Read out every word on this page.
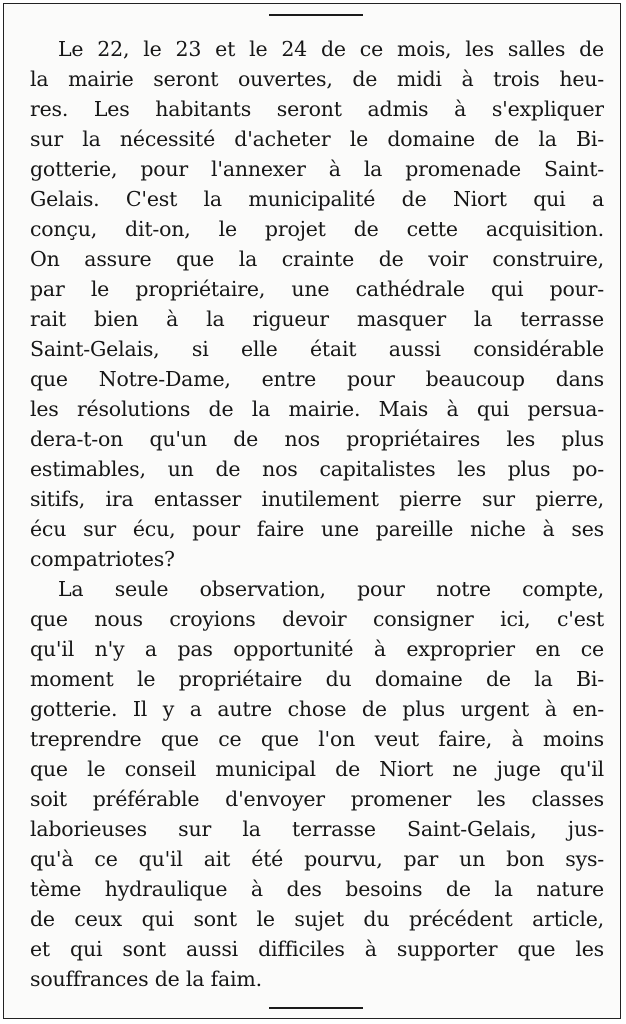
Le 22, le 23 et le 24 de ce mois, les salles de
la mairie seront ouvertes, de midi à trois heu-
res. Les habitants seront admis à s'expliquer
sur la nécessité d'acheter le domaine de la Bi-
gotterie, pour l'annexer à la promenade Saint-
Gelais. C'est la municipalité de Niort qui a
conçu, dit-on, le projet de cette acquisition.
On assure que la crainte de voir construire,
par le propriétaire, une cathédrale qui pour-
rait bien à la rigueur masquer la terrasse
Saint-Gelais, si elle était aussi considérable
que Notre-Dame, entre pour beaucoup dans
les résolutions de la mairie. Mais à qui persua-
dera-t-on qu'un de nos propriétaires les plus
estimables, un de nos capitalistes les plus po-
sitifs, ira entasser inutilement pierre sur pierre,
écu sur écu, pour faire une pareille niche à ses
compatriotes?
La seule observation, pour notre compte,
que nous croyions devoir consigner ici, c'est
qu'il n'y a pas opportunité à exproprier en ce
moment le propriétaire du domaine de la Bi-
gotterie. Il y a autre chose de plus urgent à en-
treprendre que ce que l'on veut faire, à moins
que le conseil municipal de Niort ne juge qu'il
soit préférable d'envoyer promener les classes
laborieuses sur la terrasse Saint-Gelais, jus-
qu'à ce qu'il ait été pourvu, par un bon sys-
tème hydraulique à des besoins de la nature
de ceux qui sont le sujet du précédent article,
et qui sont aussi difficiles à supporter que les
souffrances de la faim.
